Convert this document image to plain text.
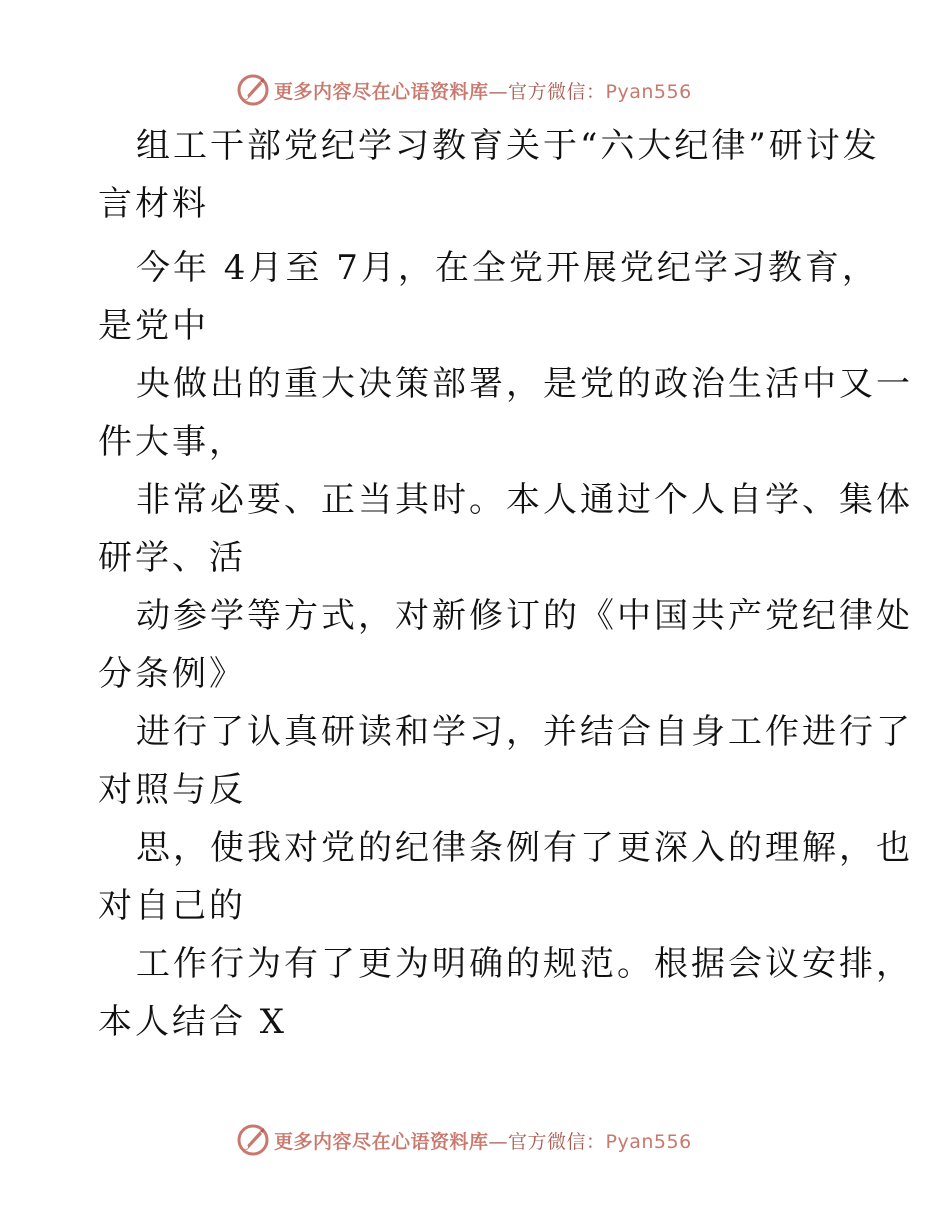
更多内容尽在心语资料库—官方微信：Pyan556
组工干部党纪学习教育关于“六大纪律”研讨发
言材料
今年 4月至 7月，在全党开展党纪学习教育，
是党中
央做出的重大决策部署，是党的政治生活中又一
件大事，
非常必要、正当其时。本人通过个人自学、集体
研学、活
动参学等方式，对新修订的《中国共产党纪律处
分条例》
进行了认真研读和学习，并结合自身工作进行了
对照与反
思，使我对党的纪律条例有了更深入的理解，也
对自己的
工作行为有了更为明确的规范。根据会议安排，
本人结合 X
更多内容尽在心语资料库—官方微信：Pyan556
